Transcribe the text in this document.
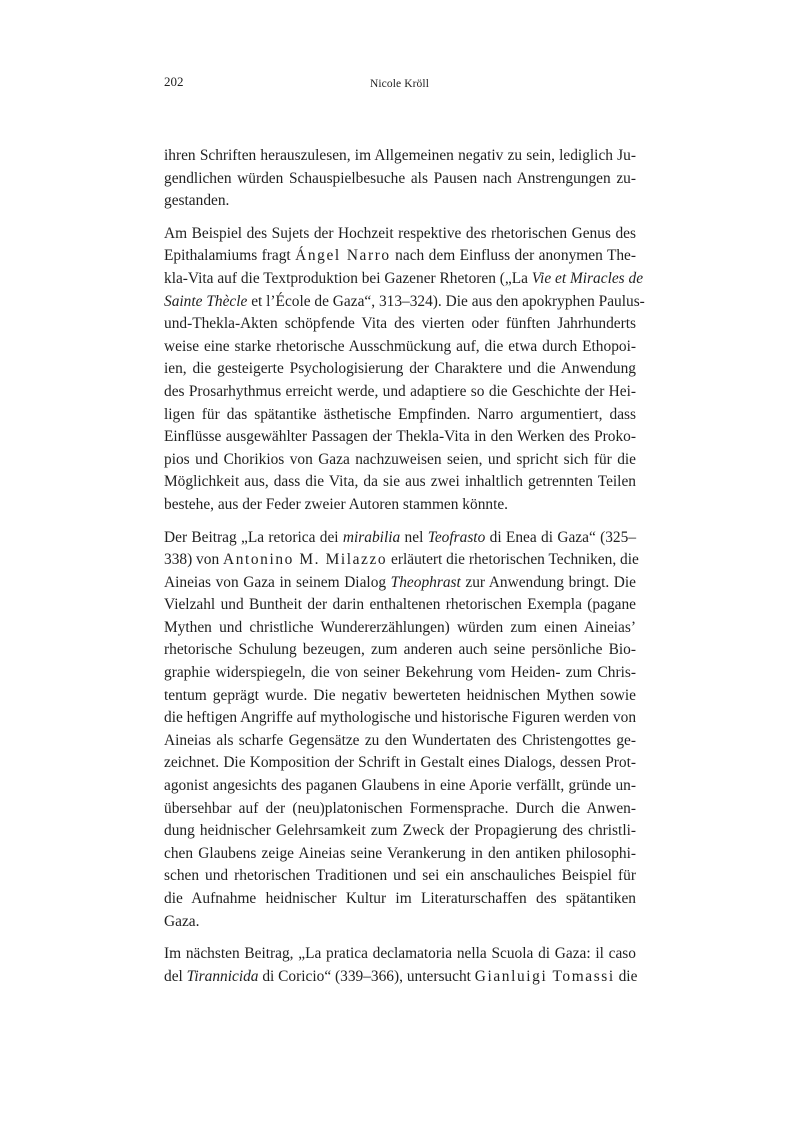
202	Nicole Kröll
ihren Schriften herauszulesen, im Allgemeinen negativ zu sein, lediglich Ju-
gendlichen würden Schauspielbesuche als Pausen nach Anstrengungen zu-
gestanden.
Am Beispiel des Sujets der Hochzeit respektive des rhetorischen Genus des
Epithalamiums fragt Ángel Narro nach dem Einfluss der anonymen The-
kla-Vita auf die Textproduktion bei Gazener Rhetoren („La Vie et Miracles de
Sainte Thècle et l’École de Gaza“, 313–324). Die aus den apokryphen Paulus-
und-Thekla-Akten schöpfende Vita des vierten oder fünften Jahrhunderts
weise eine starke rhetorische Ausschmückung auf, die etwa durch Ethopoi-
ien, die gesteigerte Psychologisierung der Charaktere und die Anwendung
des Prosarhythmus erreicht werde, und adaptiere so die Geschichte der Hei-
ligen für das spätantike ästhetische Empfinden. Narro argumentiert, dass
Einflüsse ausgewählter Passagen der Thekla-Vita in den Werken des Proko-
pios und Chorikios von Gaza nachzuweisen seien, und spricht sich für die
Möglichkeit aus, dass die Vita, da sie aus zwei inhaltlich getrennten Teilen
bestehe, aus der Feder zweier Autoren stammen könnte.
Der Beitrag „La retorica dei mirabilia nel Teofrasto di Enea di Gaza“ (325–
338) von Antonino M. Milazzo erläutert die rhetorischen Techniken, die
Aineias von Gaza in seinem Dialog Theophrast zur Anwendung bringt. Die
Vielzahl und Buntheit der darin enthaltenen rhetorischen Exempla (pagane
Mythen und christliche Wundererzählungen) würden zum einen Aineias’
rhetorische Schulung bezeugen, zum anderen auch seine persönliche Bio-
graphie widerspiegeln, die von seiner Bekehrung vom Heiden- zum Chris-
tentum geprägt wurde. Die negativ bewerteten heidnischen Mythen sowie
die heftigen Angriffe auf mythologische und historische Figuren werden von
Aineias als scharfe Gegensätze zu den Wundertaten des Christengottes ge-
zeichnet. Die Komposition der Schrift in Gestalt eines Dialogs, dessen Prot-
agonist angesichts des paganen Glaubens in eine Aporie verfällt, gründe un-
übersehbar auf der (neu)platonischen Formensprache. Durch die Anwen-
dung heidnischer Gelehrsamkeit zum Zweck der Propagierung des christli-
chen Glaubens zeige Aineias seine Verankerung in den antiken philosophi-
schen und rhetorischen Traditionen und sei ein anschauliches Beispiel für
die Aufnahme heidnischer Kultur im Literaturschaffen des spätantiken
Gaza.
Im nächsten Beitrag, „La pratica declamatoria nella Scuola di Gaza: il caso
del Tirannicida di Coricio“ (339–366), untersucht Gianluigi Tomassi die
